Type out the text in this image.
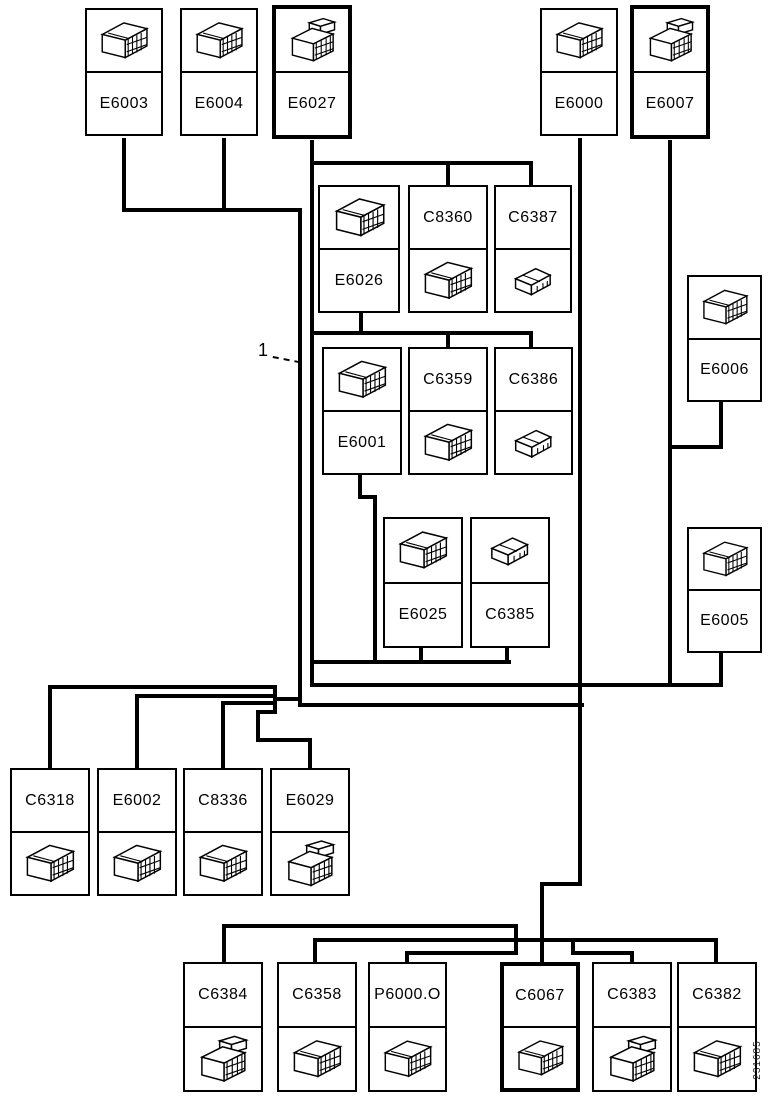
E6003	E6004	E6027	E6000	E6007
E6026
C8360 C6387
E6001
C6359 C6386
E6025 C6385
E6006
E6005
C6318 E6002 C8336 E6029
C6384	C6358 P6000.O	C6067	C6383 C6382
1
231685
